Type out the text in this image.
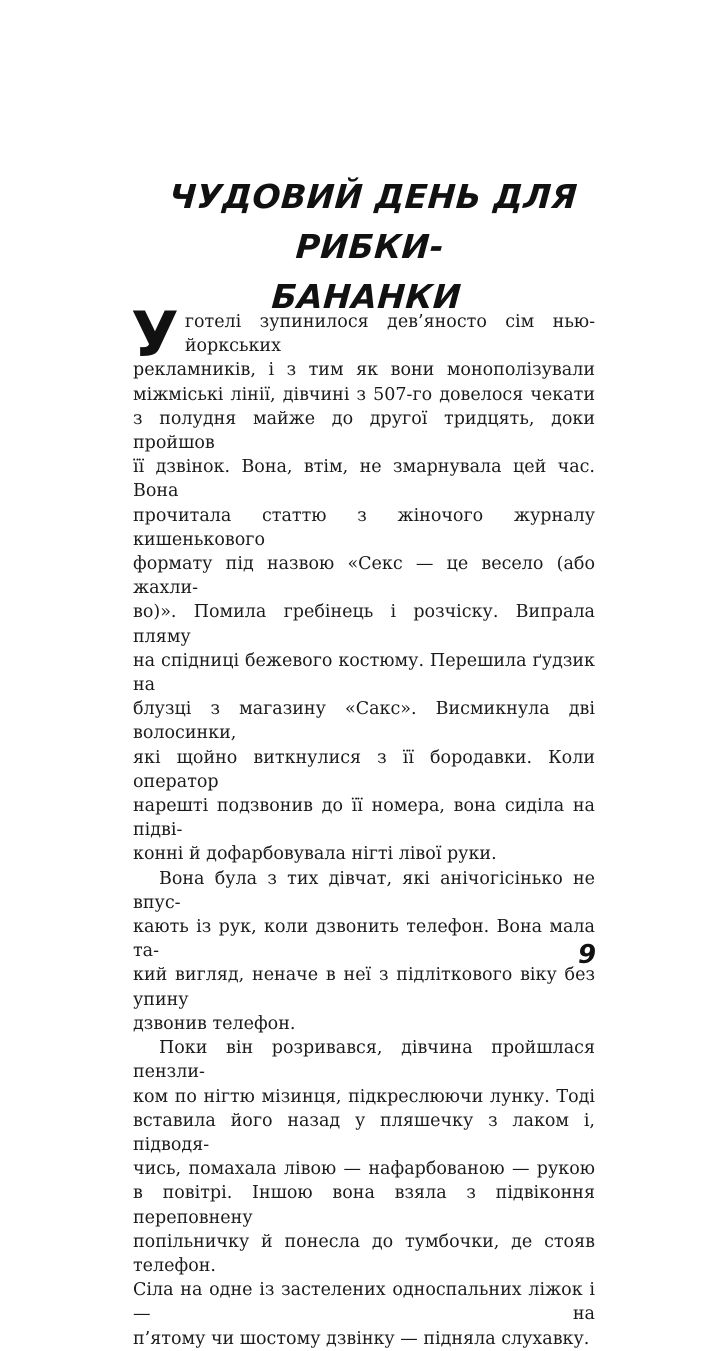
ЧУДОВИЙ ДЕНЬ ДЛЯ РИБКИ-
БАНАНКИ
У готелі зупинилося дев’яносто сім нью-йоркських

рекламників, і з тим як вони монополізували

міжміські лінії, дівчині з 507-го довелося чекати

з полудня майже до другої тридцять, доки пройшов

її дзвінок. Вона, втім, не змарнувала цей час. Вона

прочитала статтю з жіночого журналу кишенькового

формату під назвою «Секс — це весело (або жахли-

во)». Помила гребінець і розчіску. Випрала пляму

на спідниці бежевого костюму. Перешила ґудзик на

блузці з магазину «Сакс». Висмикнула дві волосинки,

які щойно виткнулися з її бородавки. Коли оператор

нарешті подзвонив до її номера, вона сиділа на підві-

конні й дофарбовувала нігті лівої руки.

Вона була з тих дівчат, які анічогісінько не впус-

кають із рук, коли дзвонить телефон. Вона мала та-

кий вигляд, неначе в неї з підліткового віку без упину

дзвонив телефон.

Поки він розривався, дівчина пройшлася пензли-

ком по нігтю мізинця, підкреслюючи лунку. Тоді

вставила його назад у пляшечку з лаком і, підводя-

чись, помахала лівою — нафарбованою — рукою

в повітрі. Іншою вона взяла з підвіконня переповнену

попільничку й понесла до тумбочки, де стояв телефон.

Сіла на одне із застелених односпальних ліжок і — на

п’ятому чи шостому дзвінку — підняла слухавку.

9
